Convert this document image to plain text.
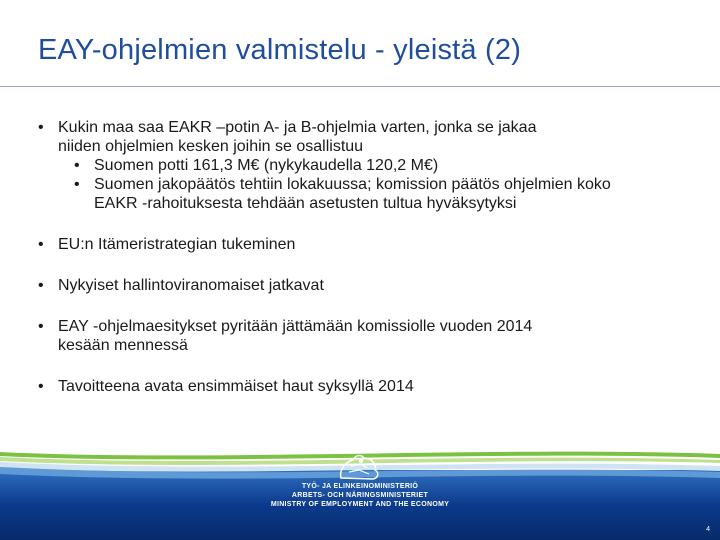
EAY-ohjelmien valmistelu - yleistä (2)
• Kukin maa saa EAKR –potin A- ja B-ohjelmia varten, jonka se jakaa
niiden ohjelmien kesken joihin se osallistuu
• Suomen potti 161,3 M€ (nykykaudella 120,2 M€)
• Suomen jakopäätös tehtiin lokakuussa; komission päätös ohjelmien koko
EAKR -rahoituksesta tehdään asetusten tultua hyväksytyksi
• EU:n Itämeristrategian tukeminen
• Nykyiset hallintoviranomaiset jatkavat
• EAY -ohjelmaesitykset pyritään jättämään komissiolle vuoden 2014
kesään mennessä
• Tavoitteena avata ensimmäiset haut syksyllä 2014
TYÖ- JA ELINKEINOMINISTERIÖ
ARBETS- OCH NÄRINGSMINISTERIET
MINISTRY OF EMPLOYMENT AND THE ECONOMY
4
